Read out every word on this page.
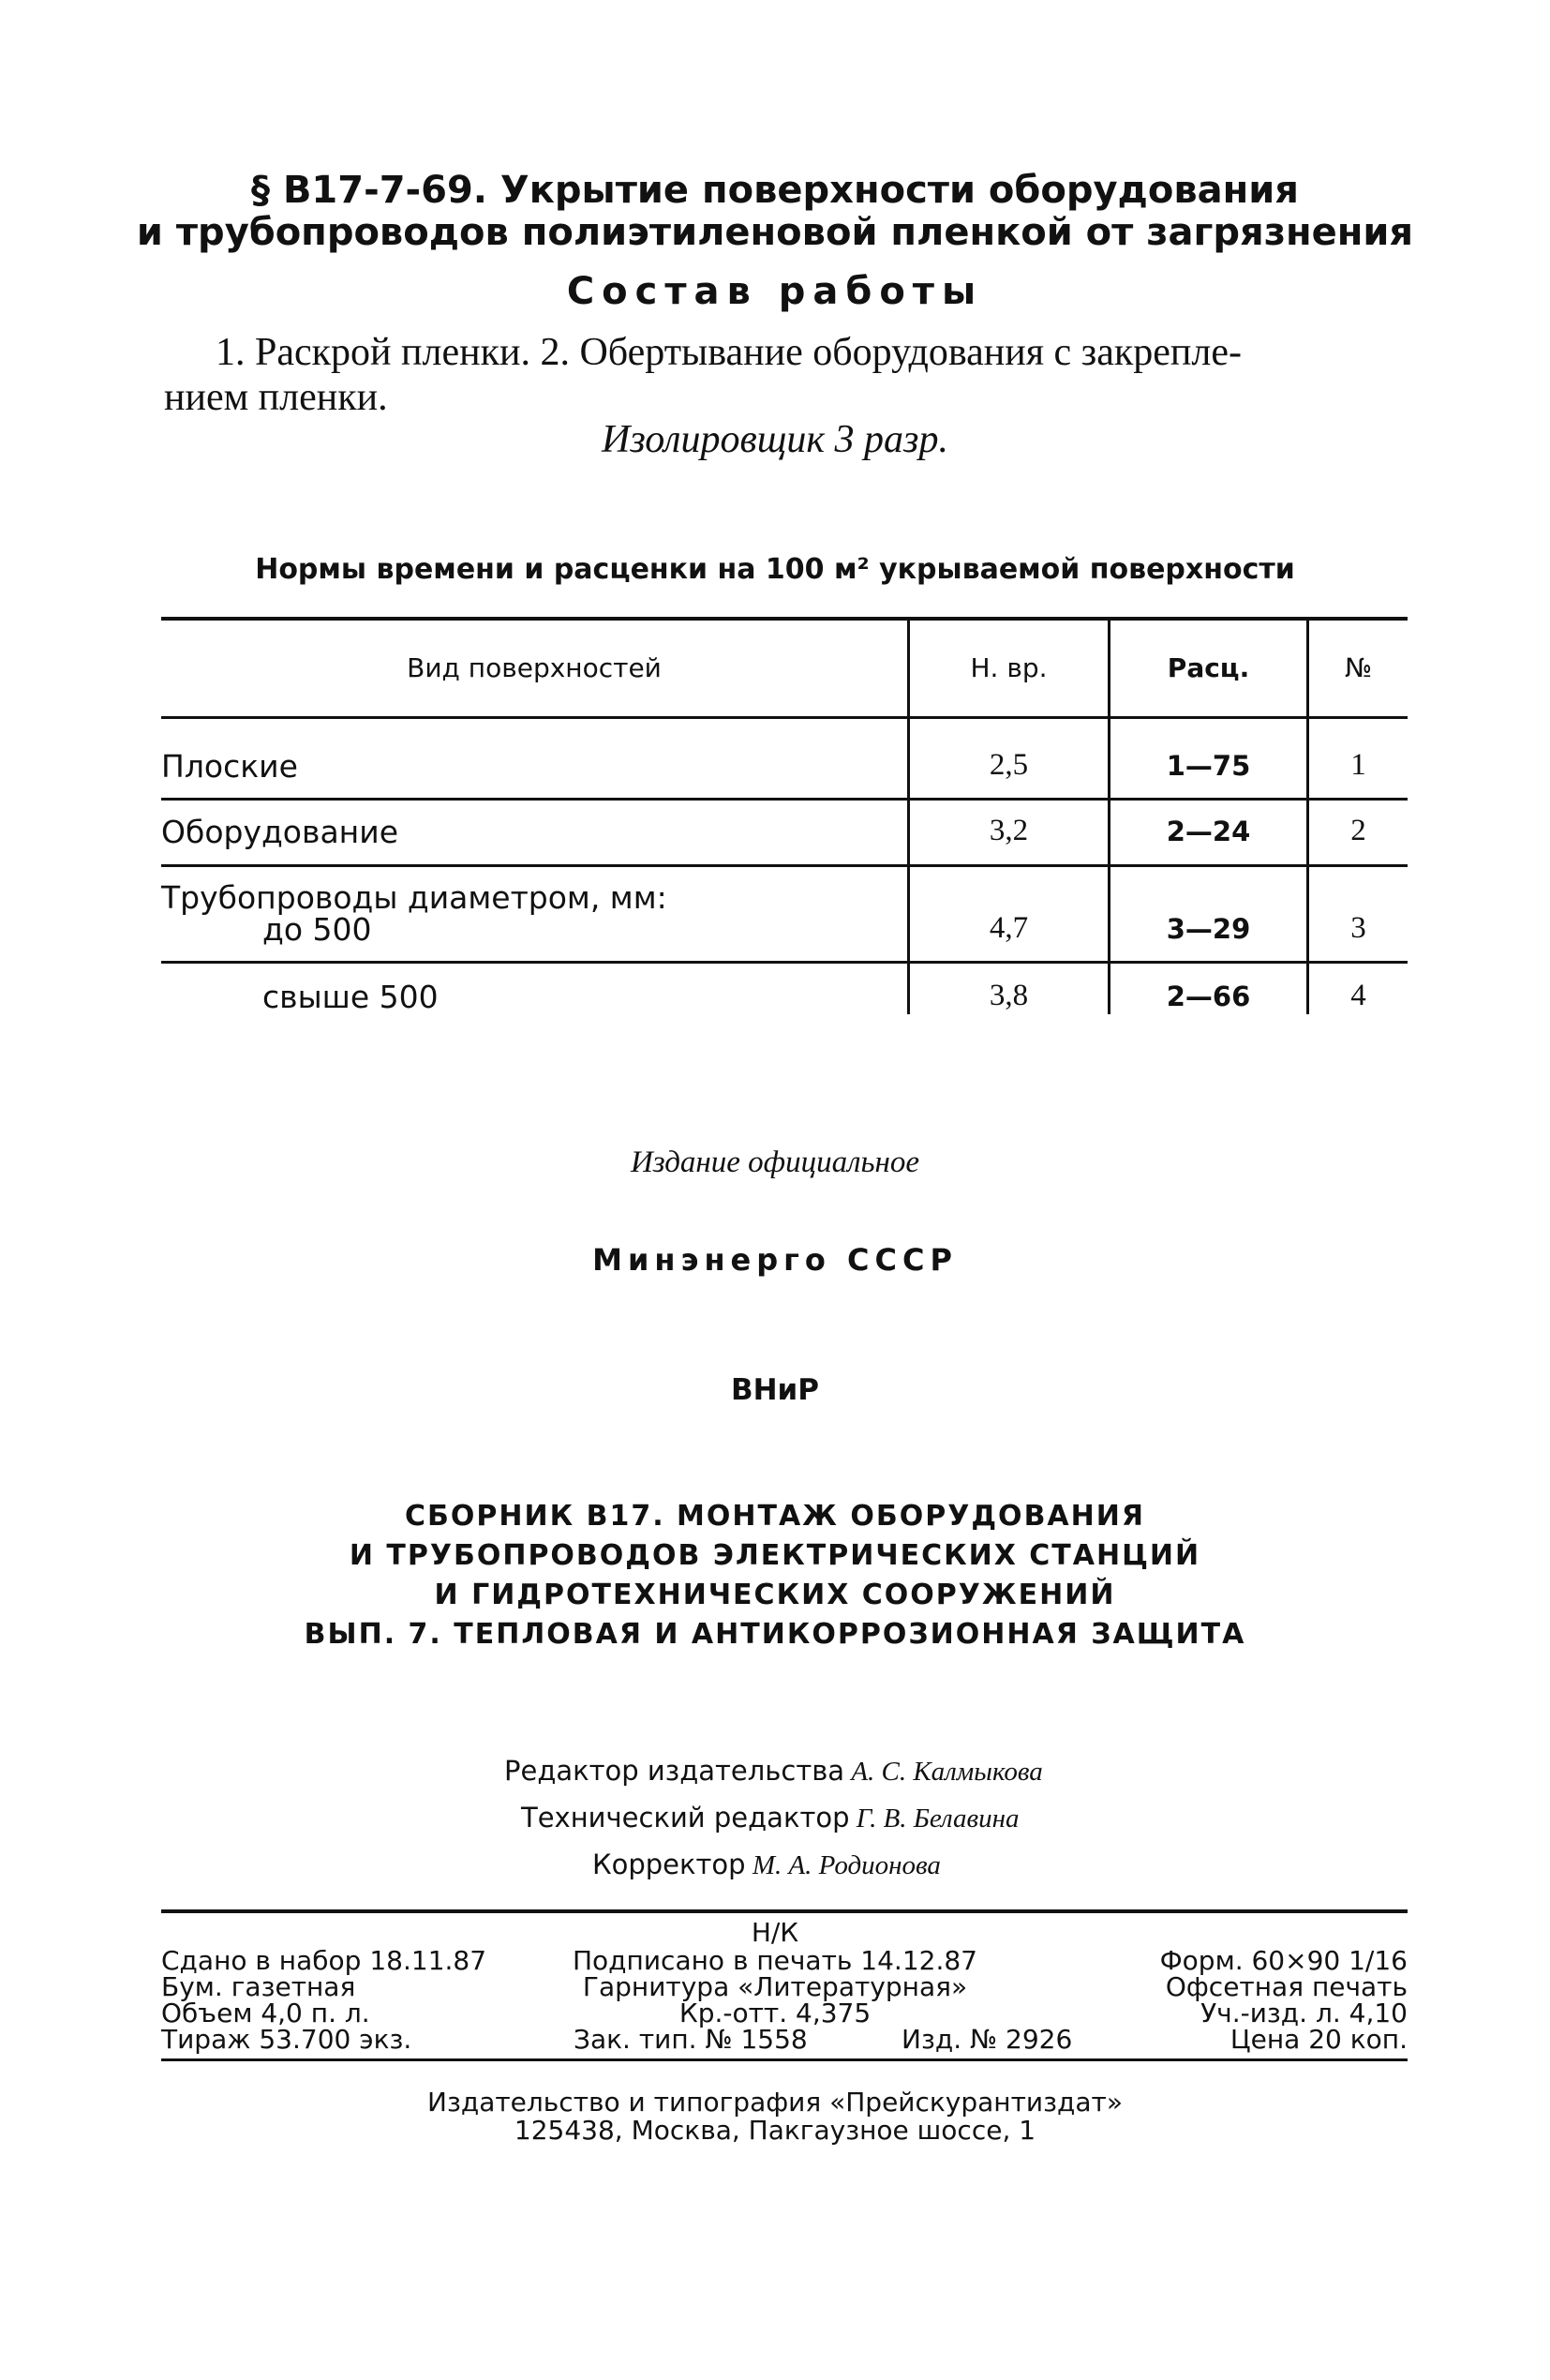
§ В17-7-69. Укрытие поверхности оборудования
и трубопроводов полиэтиленовой пленкой от загрязнения
Состав работы
1. Раскрой пленки. 2. Обертывание оборудования с закрепле-
нием пленки.
Изолировщик 3 разр.
Нормы времени и расценки на 100 м² укрываемой поверхности
Вид поверхностей	Н. вр.	Расц.	№
Плоские	2,5	1—75	1
Оборудование	3,2	2—24	2
Трубопроводы диаметром, мм:
до 500	4,7	3—29	3
свыше 500	3,8	2—66	4
Издание официальное
Минэнерго СССР
ВНиР
СБОРНИК В17. МОНТАЖ ОБОРУДОВАНИЯ
И ТРУБОПРОВОДОВ ЭЛЕКТРИЧЕСКИХ СТАНЦИЙ
И ГИДРОТЕХНИЧЕСКИХ СООРУЖЕНИЙ
ВЫП. 7. ТЕПЛОВАЯ И АНТИКОРРОЗИОННАЯ ЗАЩИТА
Редактор издательства А. С. Калмыкова
Технический редактор Г. В. Белавина
Корректор М. А. Родионова
Н/К
Сдано в набор 18.11.87
Бум. газетная
Объем 4,0 п. л.
Тираж 53.700 экз.
Подписано в печать 14.12.87
Гарнитура «Литературная»
Кр.-отт. 4,375
Зак. тип. № 1558	Изд. № 2926
Форм. 60×90 1/16
Офсетная печать
Уч.-изд. л. 4,10
Цена 20 коп.
Издательство и типография «Прейскурантиздат»
125438, Москва, Пакгаузное шоссе, 1
